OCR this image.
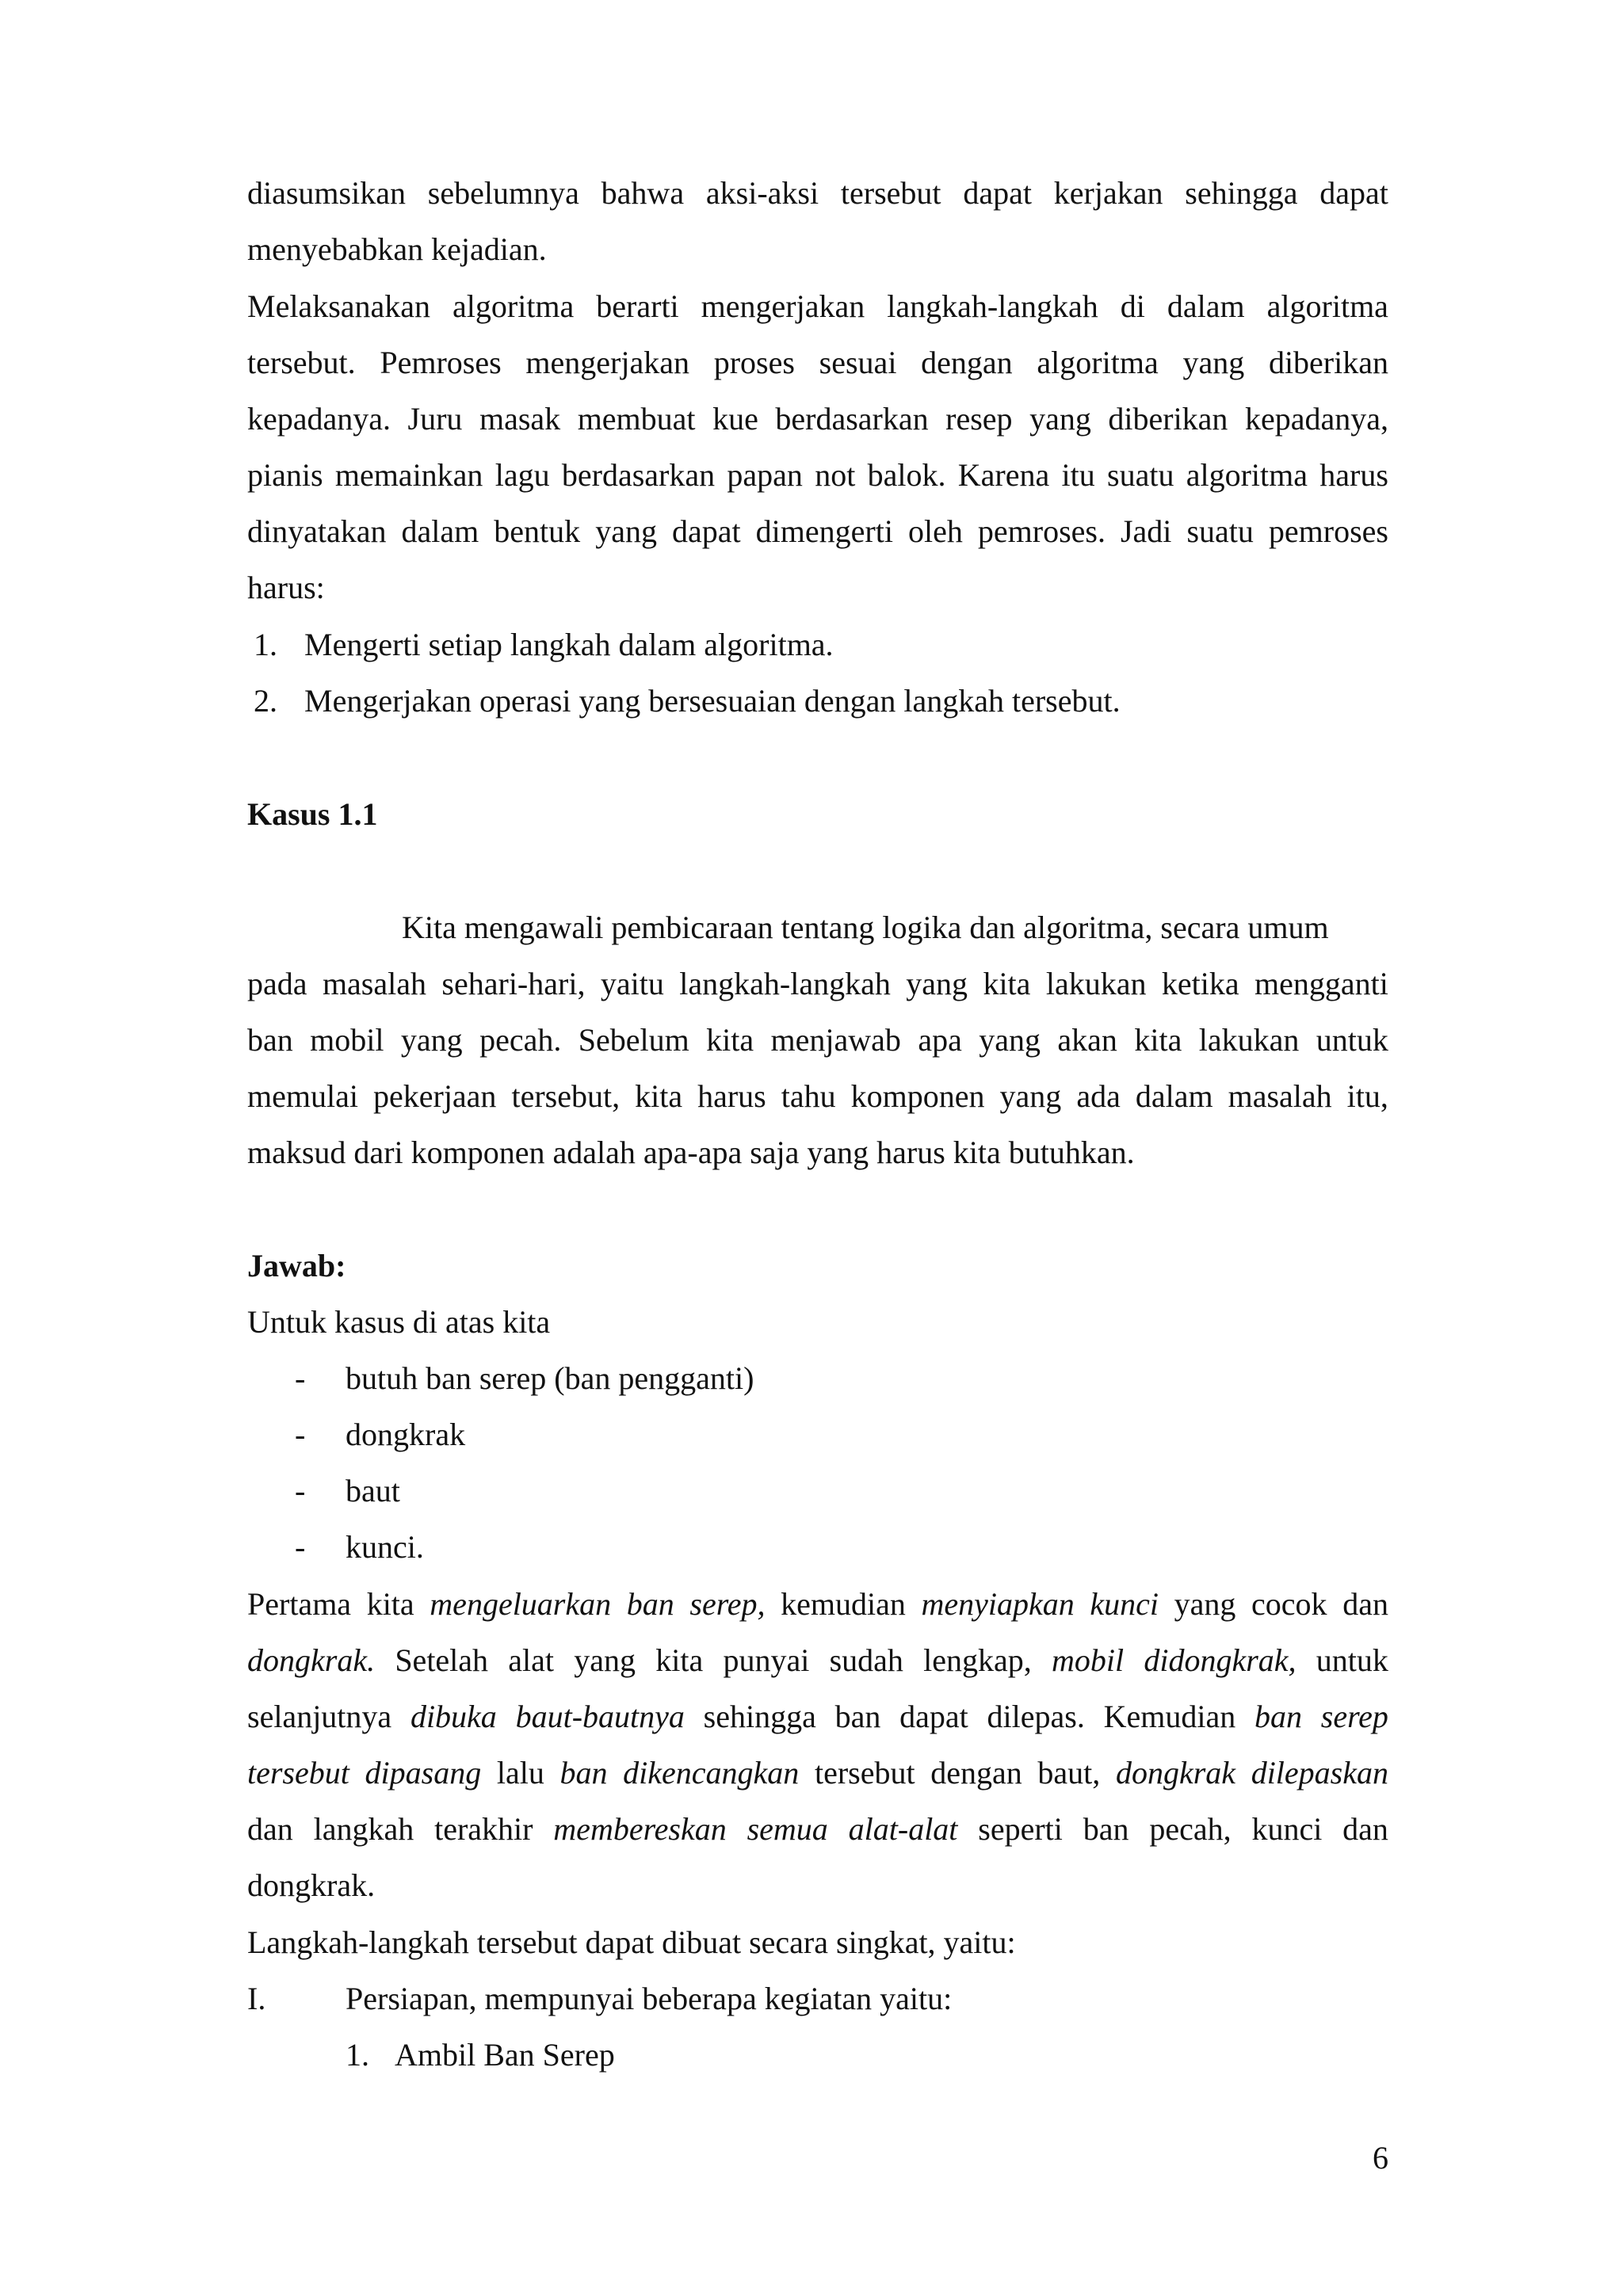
diasumsikan sebelumnya bahwa aksi-aksi tersebut dapat kerjakan sehingga dapat
menyebabkan kejadian.
Melaksanakan algoritma berarti mengerjakan langkah-langkah di dalam algoritma
tersebut. Pemroses mengerjakan proses sesuai dengan algoritma yang diberikan
kepadanya. Juru masak membuat kue berdasarkan resep yang diberikan kepadanya,
pianis memainkan lagu berdasarkan papan not balok. Karena itu suatu algoritma harus
dinyatakan dalam bentuk yang dapat dimengerti oleh pemroses. Jadi suatu pemroses
harus:
1. Mengerti setiap langkah dalam algoritma.
2. Mengerjakan operasi yang bersesuaian dengan langkah tersebut.
Kasus 1.1
Kita mengawali pembicaraan tentang logika dan algoritma, secara umum
pada masalah sehari-hari, yaitu langkah-langkah yang kita lakukan ketika mengganti
ban mobil yang pecah. Sebelum kita menjawab apa yang akan kita lakukan untuk
memulai pekerjaan tersebut, kita harus tahu komponen yang ada dalam masalah itu,
maksud dari komponen adalah apa-apa saja yang harus kita butuhkan.
Jawab:
Untuk kasus di atas kita
- butuh ban serep (ban pengganti)
- dongkrak
- baut
- kunci.
Pertama kita mengeluarkan ban serep, kemudian menyiapkan kunci yang cocok dan
dongkrak. Setelah alat yang kita punyai sudah lengkap, mobil didongkrak, untuk
selanjutnya dibuka baut-bautnya sehingga ban dapat dilepas. Kemudian ban serep
tersebut dipasang lalu ban dikencangkan tersebut dengan baut, dongkrak dilepaskan
dan langkah terakhir membereskan semua alat-alat seperti ban pecah, kunci dan
dongkrak.
Langkah-langkah tersebut dapat dibuat secara singkat, yaitu:
I.	Persiapan, mempunyai beberapa kegiatan yaitu:
1. Ambil Ban Serep
6
